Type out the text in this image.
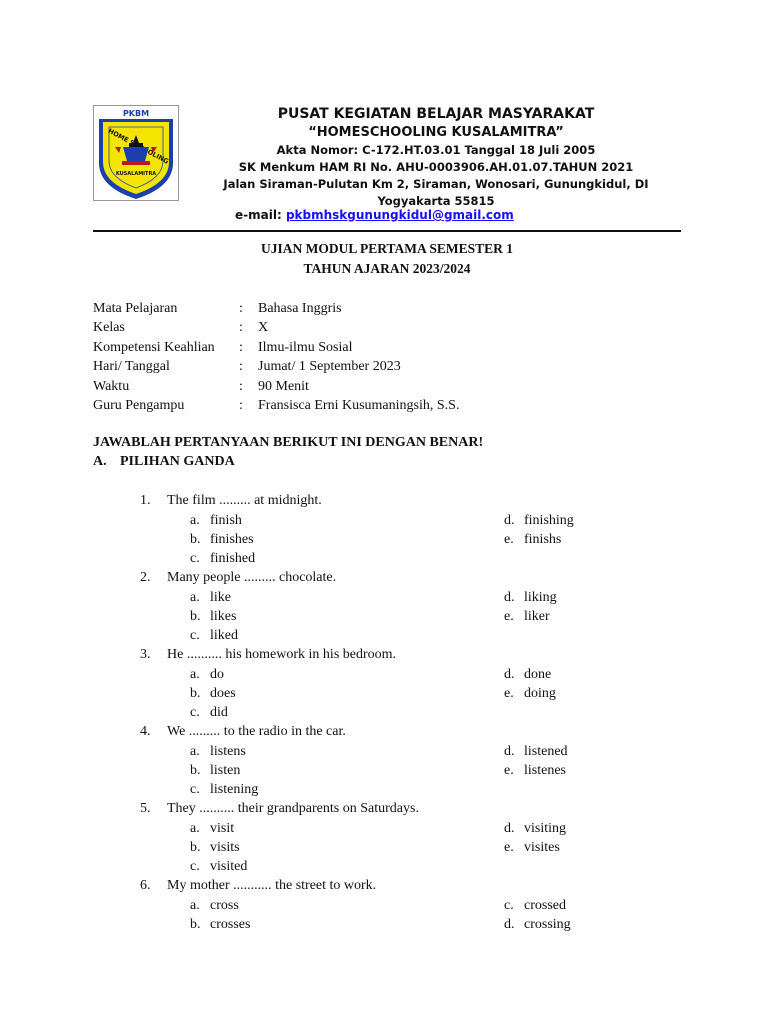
PKBM
HOME SCHOOLING
KUSALAMITRA
PUSAT KEGIATAN BELAJAR MASYARAKAT
“HOMESCHOOLING KUSALAMITRA”
Akta Nomor: C-172.HT.03.01 Tanggal 18 Juli 2005
SK Menkum HAM RI No. AHU-0003906.AH.01.07.TAHUN 2021
Jalan Siraman-Pulutan Km 2, Siraman, Wonosari, Gunungkidul, DI
Yogyakarta 55815
e-mail: pkbmhskgunungkidul@gmail.com
UJIAN MODUL PERTAMA SEMESTER 1
TAHUN AJARAN 2023/2024
Mata Pelajaran	: Bahasa Inggris
Kelas	: X
Kompetensi Keahlian : Ilmu-ilmu Sosial
Hari/ Tanggal	: Jumat/ 1 September 2023
Waktu	: 90 Menit
Guru Pengampu	: Fransisca Erni Kusumaningsih, S.S.
JAWABLAH PERTANYAAN BERIKUT INI DENGAN BENAR!
A. PILIHAN GANDA
1. The film ......... at midnight.
a. finish
b. finishes
c. finished
d. finishing
e. finishs
2. Many people ......... chocolate.
a. like
b. likes
c. liked
d. liking
e. liker
3. He .......... his homework in his bedroom.
a. do
b. does
c. did
d. done
e. doing
4. We ......... to the radio in the car.
a. listens
b. listen
c. listening
d. listened
e. listenes
5. They .......... their grandparents on Saturdays.
a. visit
b. visits
c. visited
d. visiting
e. visites
6. My mother ........... the street to work.
a. cross
b. crosses
c. crossed
d. crossing
